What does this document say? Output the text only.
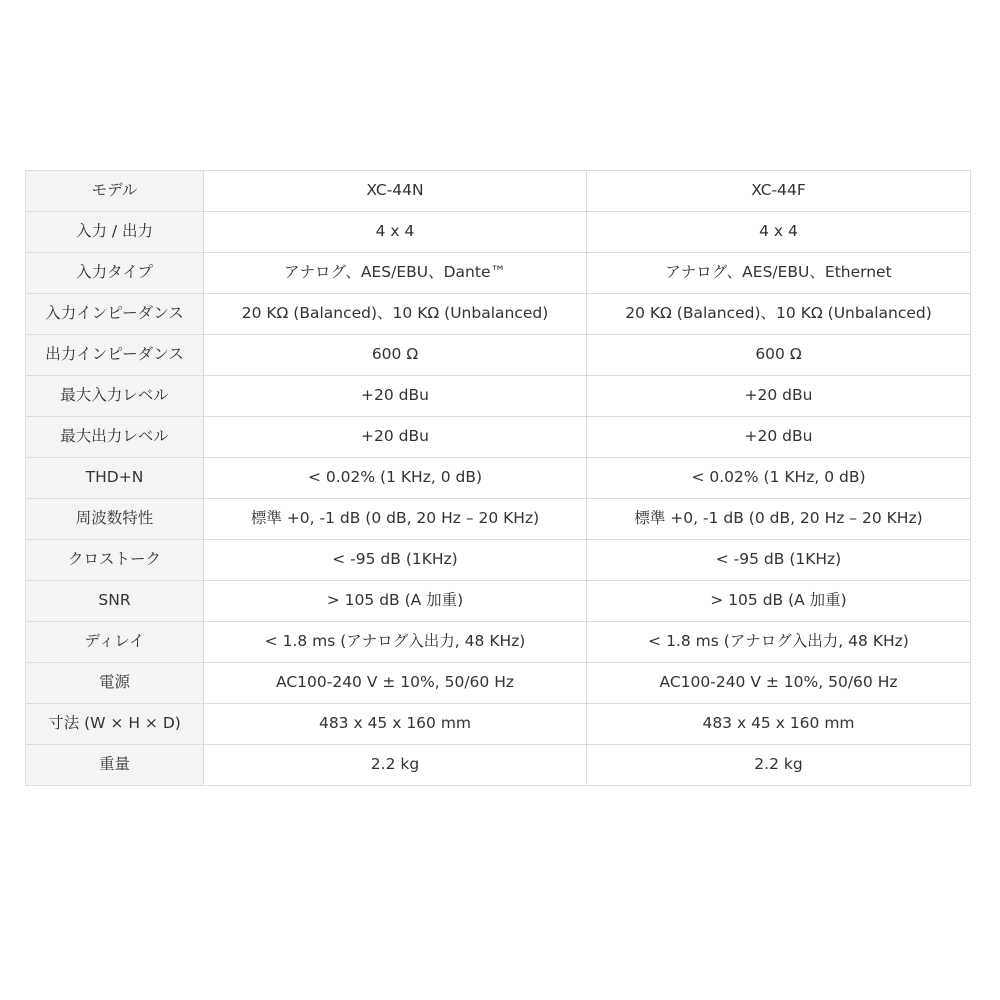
モデル	XC-44N	XC-44F
入力 / 出力	4 x 4	4 x 4
入力タイプ	アナログ、AES/EBU、Dante™	アナログ、AES/EBU、Ethernet
入力インピーダンス	20 KΩ (Balanced)、10 KΩ (Unbalanced)	20 KΩ (Balanced)、10 KΩ (Unbalanced)
出力インピーダンス	600 Ω	600 Ω
最大入力レベル	+20 dBu	+20 dBu
最大出力レベル	+20 dBu	+20 dBu
THD+N	< 0.02% (1 KHz, 0 dB)	< 0.02% (1 KHz, 0 dB)
周波数特性	標準 +0, -1 dB (0 dB, 20 Hz – 20 KHz)	標準 +0, -1 dB (0 dB, 20 Hz – 20 KHz)
クロストーク	< -95 dB (1KHz)	< -95 dB (1KHz)
SNR	> 105 dB (A 加重)	> 105 dB (A 加重)
ディレイ	< 1.8 ms (アナログ入出力, 48 KHz)	< 1.8 ms (アナログ入出力, 48 KHz)
電源	AC100-240 V ± 10%, 50/60 Hz	AC100-240 V ± 10%, 50/60 Hz
寸法 (W × H × D)	483 x 45 x 160 mm	483 x 45 x 160 mm
重量	2.2 kg	2.2 kg
